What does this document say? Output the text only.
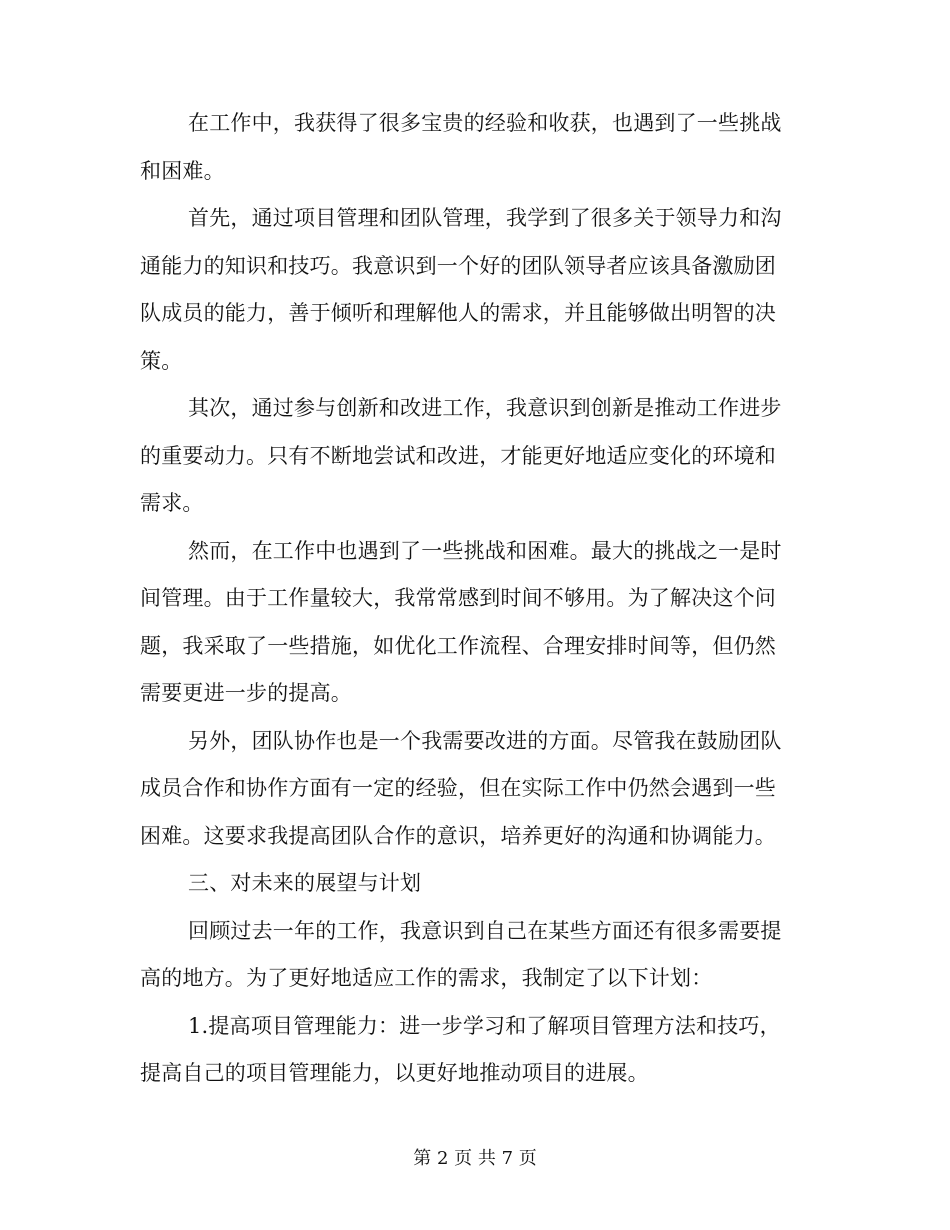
在工作中，我获得了很多宝贵的经验和收获，也遇到了一些挑战
和困难。
首先，通过项目管理和团队管理，我学到了很多关于领导力和沟
通能力的知识和技巧。我意识到一个好的团队领导者应该具备激励团
队成员的能力，善于倾听和理解他人的需求，并且能够做出明智的决
策。
其次，通过参与创新和改进工作，我意识到创新是推动工作进步
的重要动力。只有不断地尝试和改进，才能更好地适应变化的环境和
需求。
然而，在工作中也遇到了一些挑战和困难。最大的挑战之一是时
间管理。由于工作量较大，我常常感到时间不够用。为了解决这个问
题，我采取了一些措施，如优化工作流程、合理安排时间等，但仍然
需要更进一步的提高。
另外，团队协作也是一个我需要改进的方面。尽管我在鼓励团队
成员合作和协作方面有一定的经验，但在实际工作中仍然会遇到一些
困难。这要求我提高团队合作的意识，培养更好的沟通和协调能力。
三、对未来的展望与计划
回顾过去一年的工作，我意识到自己在某些方面还有很多需要提
高的地方。为了更好地适应工作的需求，我制定了以下计划：
1.提高项目管理能力：进一步学习和了解项目管理方法和技巧，
提高自己的项目管理能力，以更好地推动项目的进展。
第 2 页 共 7 页
